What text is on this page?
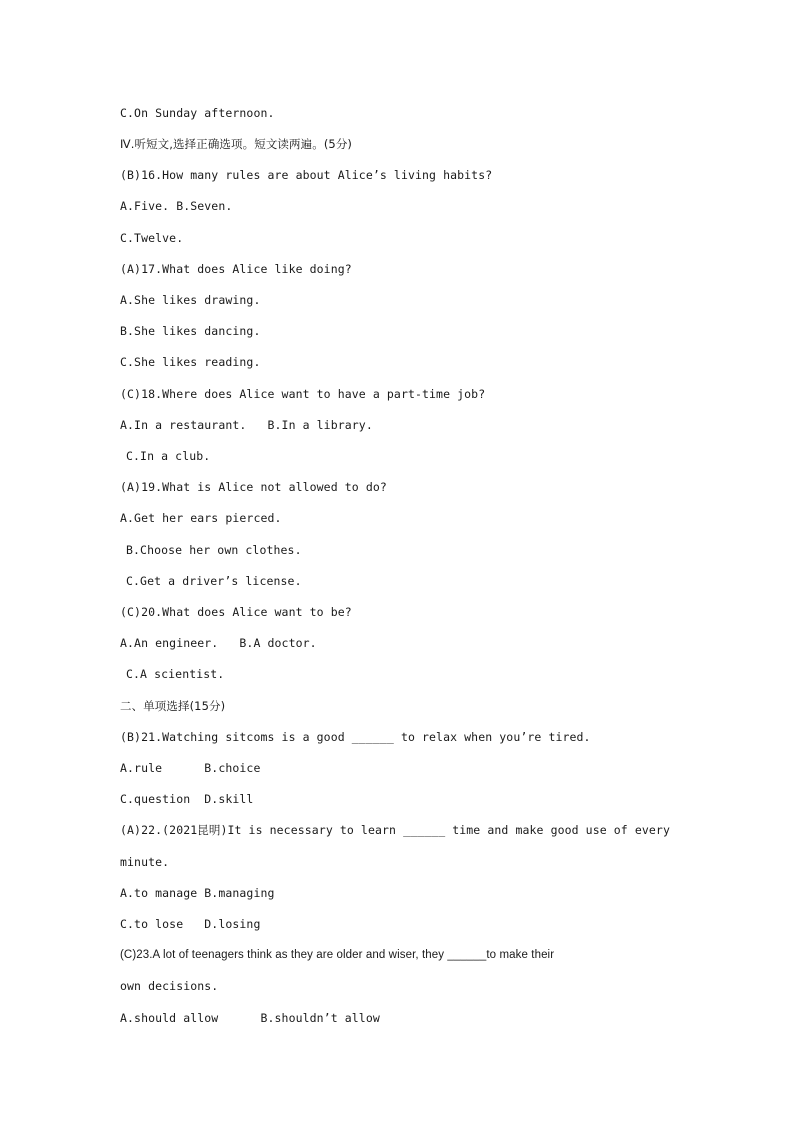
C.On Sunday afternoon.
Ⅳ.听短文,选择正确选项。短文读两遍。(5分)
(B)16.How many rules are about Alice’s living habits?
A.Five. B.Seven.
C.Twelve.
(A)17.What does Alice like doing?
A.She likes drawing.
B.She likes dancing.
C.She likes reading.
(C)18.Where does Alice want to have a part-time job?
A.In a restaurant.   B.In a library.
C.In a club.
(A)19.What is Alice not allowed to do?
A.Get her ears pierced.
B.Choose her own clothes.
C.Get a driver’s license.
(C)20.What does Alice want to be?
A.An engineer.   B.A doctor.
C.A scientist.
二、单项选择(15分)
(B)21.Watching sitcoms is a good ______ to relax when you’re tired.
A.rule      B.choice
C.question  D.skill
(A)22.(2021昆明)It is necessary to learn ______ time and make good use of every
minute.
A.to manage B.managing
C.to lose   D.losing
(C)23.A lot of teenagers think as they are older and wiser, they ______to make their
own decisions.
A.should allow      B.shouldn’t allow
